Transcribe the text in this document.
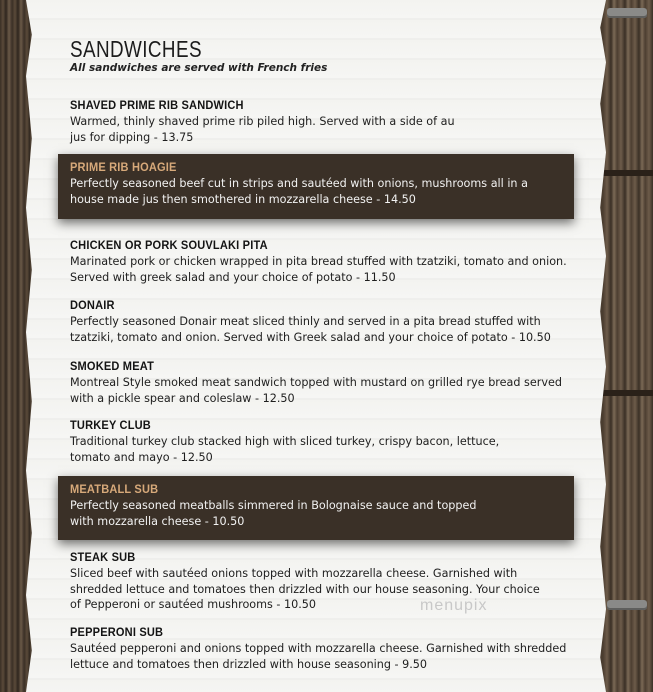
SANDWICHES

All sandwiches are served with French fries

SHAVED PRIME RIB SANDWICH

Warmed, thinly shaved prime rib piled high. Served with a side of au jus for dipping - 13.75

PRIME RIB HOAGIE

Perfectly seasoned beef cut in strips and sautéed with onions, mushrooms all in a house made jus then smothered in mozzarella cheese - 14.50

CHICKEN OR PORK SOUVLAKI PITA

Marinated pork or chicken wrapped in pita bread stuffed with tzatziki, tomato and onion. Served with greek salad and your choice of potato - 11.50

DONAIR

Perfectly seasoned Donair meat sliced thinly and served in a pita bread stuffed with tzatziki, tomato and onion. Served with Greek salad and your choice of potato - 10.50

SMOKED MEAT

Montreal Style smoked meat sandwich topped with mustard on grilled rye bread served with a pickle spear and coleslaw - 12.50

TURKEY CLUB

Traditional turkey club stacked high with sliced turkey, crispy bacon, lettuce, tomato and mayo - 12.50

MEATBALL SUB

Perfectly seasoned meatballs simmered in Bolognaise sauce and topped with mozzarella cheese - 10.50

STEAK SUB

Sliced beef with sautéed onions topped with mozzarella cheese. Garnished with shredded lettuce and tomatoes then drizzled with our house seasoning. Your choice of Pepperoni or sautéed mushrooms - 10.50

PEPPERONI SUB

Sautéed pepperoni and onions topped with mozzarella cheese. Garnished with shredded lettuce and tomatoes then drizzled with house seasoning - 9.50

menupix
